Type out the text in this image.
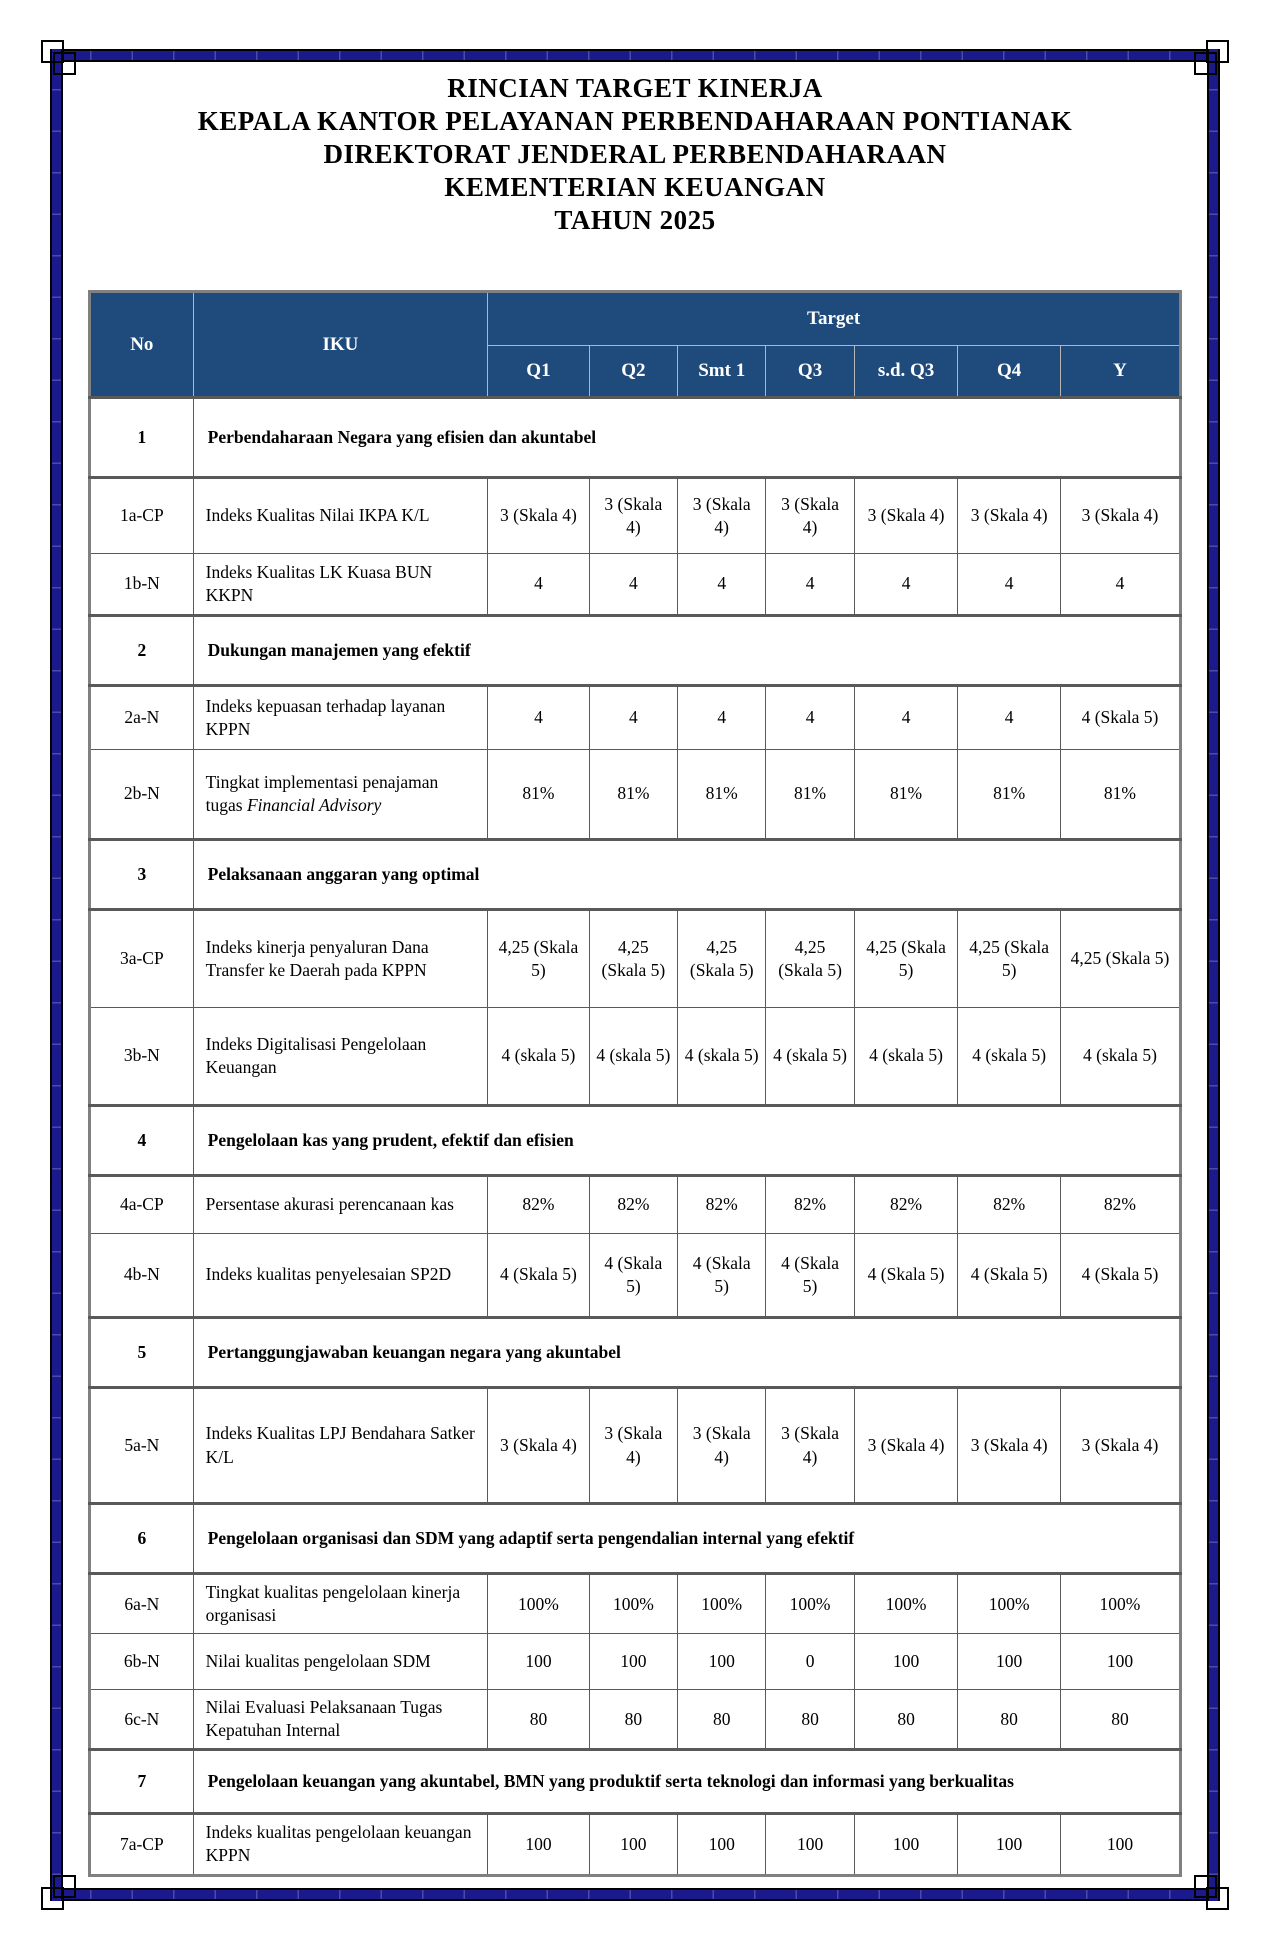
RINCIAN TARGET KINERJA
KEPALA KANTOR PELAYANAN PERBENDAHARAAN PONTIANAK
DIREKTORAT JENDERAL PERBENDAHARAAN
KEMENTERIAN KEUANGAN
TAHUN 2025
No	IKU	Target						
		Q1	Q2	Smt 1	Q3	s.d. Q3	Q4	Y
1	Perbendaharaan Negara yang efisien dan akuntabel							
1a-CP	Indeks Kualitas Nilai IKPA K/L	3 (Skala 4)	3 (Skala 4)	3 (Skala 4)	3 (Skala 4)	3 (Skala 4)	3 (Skala 4)	3 (Skala 4)
1b-N	Indeks Kualitas LK Kuasa BUN KKPN	4	4	4	4	4	4	4
2	Dukungan manajemen yang efektif							
2a-N	Indeks kepuasan terhadap layanan KPPN	4	4	4	4	4	4	4 (Skala 5)
2b-N	Tingkat implementasi penajaman tugas Financial Advisory	81%	81%	81%	81%	81%	81%	81%
3	Pelaksanaan anggaran yang optimal							
3a-CP	Indeks kinerja penyaluran Dana Transfer ke Daerah pada KPPN	4,25 (Skala 5)	4,25 (Skala 5)	4,25 (Skala 5)	4,25 (Skala 5)	4,25 (Skala 5)	4,25 (Skala 5)	4,25 (Skala 5)
3b-N	Indeks Digitalisasi Pengelolaan Keuangan	4 (skala 5)	4 (skala 5)	4 (skala 5)	4 (skala 5)	4 (skala 5)	4 (skala 5)	4 (skala 5)
4	Pengelolaan kas yang prudent, efektif dan efisien							
4a-CP	Persentase akurasi perencanaan kas	82%	82%	82%	82%	82%	82%	82%
4b-N	Indeks kualitas penyelesaian SP2D	4 (Skala 5)	4 (Skala 5)	4 (Skala 5)	4 (Skala 5)	4 (Skala 5)	4 (Skala 5)	4 (Skala 5)
5	Pertanggungjawaban keuangan negara yang akuntabel							
5a-N	Indeks Kualitas LPJ Bendahara Satker K/L	3 (Skala 4)	3 (Skala 4)	3 (Skala 4)	3 (Skala 4)	3 (Skala 4)	3 (Skala 4)	3 (Skala 4)
6	Pengelolaan organisasi dan SDM yang adaptif serta pengendalian internal yang efektif							
6a-N	Tingkat kualitas pengelolaan kinerja organisasi	100%	100%	100%	100%	100%	100%	100%
6b-N	Nilai kualitas pengelolaan SDM	100	100	100	0	100	100	100
6c-N	Nilai Evaluasi Pelaksanaan Tugas Kepatuhan Internal	80	80	80	80	80	80	80
7	Pengelolaan keuangan yang akuntabel, BMN yang produktif serta teknologi dan informasi yang berkualitas							
7a-CP	Indeks kualitas pengelolaan keuangan KPPN	100	100	100	100	100	100	100
